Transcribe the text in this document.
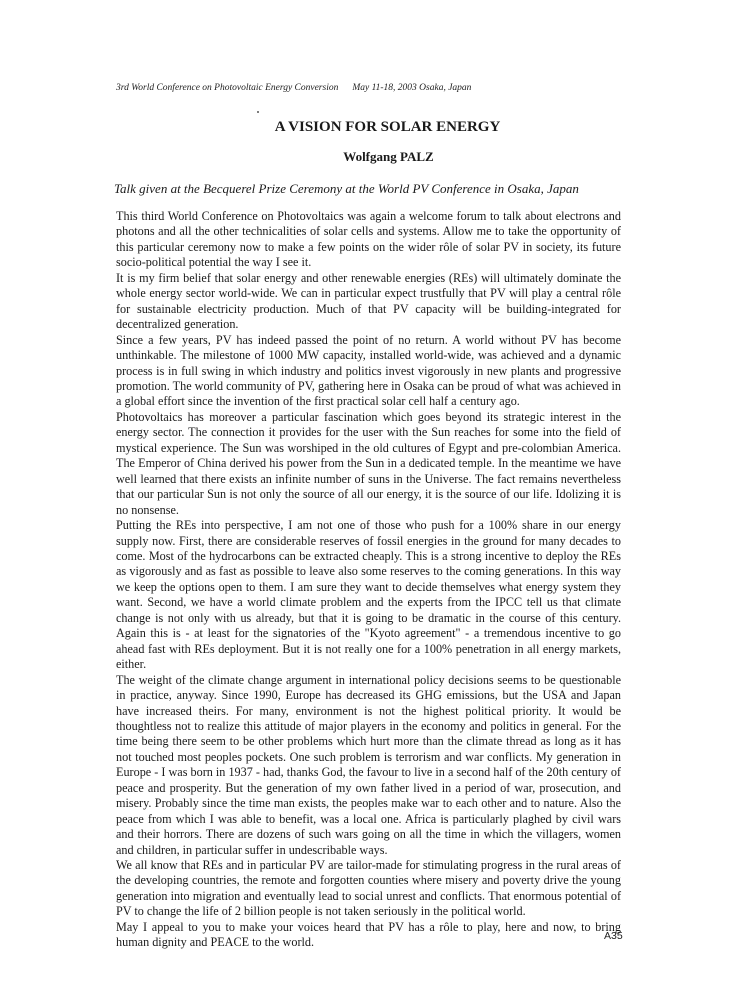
3rd World Conference on Photovoltaic Energy Conversion May 11-18, 2003 Osaka, Japan
A VISION FOR SOLAR ENERGY
Wolfgang PALZ
Talk given at the Becquerel Prize Ceremony at the World PV Conference in Osaka, Japan

This third World Conference on Photovoltaics was again a welcome forum to talk about electrons and photons and all the other technicalities of solar cells and systems. Allow me to take the opportunity of this particular ceremony now to make a few points on the wider rôle of solar PV in society, its future socio-political potential the way I see it.

It is my firm belief that solar energy and other renewable energies (REs) will ultimately dominate the whole energy sector world-wide. We can in particular expect trustfully that PV will play a central rôle for sustainable electricity production. Much of that PV capacity will be building-integrated for decentralized generation.

Since a few years, PV has indeed passed the point of no return. A world without PV has become unthinkable. The milestone of 1000 MW capacity, installed world-wide, was achieved and a dynamic process is in full swing in which industry and politics invest vigorously in new plants and progressive promotion. The world community of PV, gathering here in Osaka can be proud of what was achieved in a global effort since the invention of the first practical solar cell half a century ago.

Photovoltaics has moreover a particular fascination which goes beyond its strategic interest in the energy sector. The connection it provides for the user with the Sun reaches for some into the field of mystical experience. The Sun was worshiped in the old cultures of Egypt and pre-colombian America. The Emperor of China derived his power from the Sun in a dedicated temple. In the meantime we have well learned that there exists an infinite number of suns in the Universe. The fact remains nevertheless that our particular Sun is not only the source of all our energy, it is the source of our life. Idolizing it is no nonsense.

Putting the REs into perspective, I am not one of those who push for a 100% share in our energy supply now. First, there are considerable reserves of fossil energies in the ground for many decades to come. Most of the hydrocarbons can be extracted cheaply. This is a strong incentive to deploy the REs as vigorously and as fast as possible to leave also some reserves to the coming generations. In this way we keep the options open to them. I am sure they want to decide themselves what energy system they want. Second, we have a world climate problem and the experts from the IPCC tell us that climate change is not only with us already, but that it is going to be dramatic in the course of this century. Again this is - at least for the signatories of the "Kyoto agreement" - a tremendous incentive to go ahead fast with REs deployment. But it is not really one for a 100% penetration in all energy markets, either.

The weight of the climate change argument in international policy decisions seems to be questionable in practice, anyway. Since 1990, Europe has decreased its GHG emissions, but the USA and Japan have increased theirs. For many, environment is not the highest political priority. It would be thoughtless not to realize this attitude of major players in the economy and politics in general. For the time being there seem to be other problems which hurt more than the climate thread as long as it has not touched most peoples pockets. One such problem is terrorism and war conflicts. My generation in Europe - I was born in 1937 - had, thanks God, the favour to live in a second half of the 20th century of peace and prosperity. But the generation of my own father lived in a period of war, prosecution, and misery. Probably since the time man exists, the peoples make war to each other and to nature. Also the peace from which I was able to benefit, was a local one. Africa is particularly plaghed by civil wars and their horrors. There are dozens of such wars going on all the time in which the villagers, women and children, in particular suffer in undescribable ways.

We all know that REs and in particular PV are tailor-made for stimulating progress in the rural areas of the developing countries, the remote and forgotten counties where misery and poverty drive the young generation into migration and eventually lead to social unrest and conflicts. That enormous potential of PV to change the life of 2 billion people is not taken seriously in the political world.

May I appeal to you to make your voices heard that PV has a rôle to play, here and now, to bring human dignity and PEACE to the world.	A35
